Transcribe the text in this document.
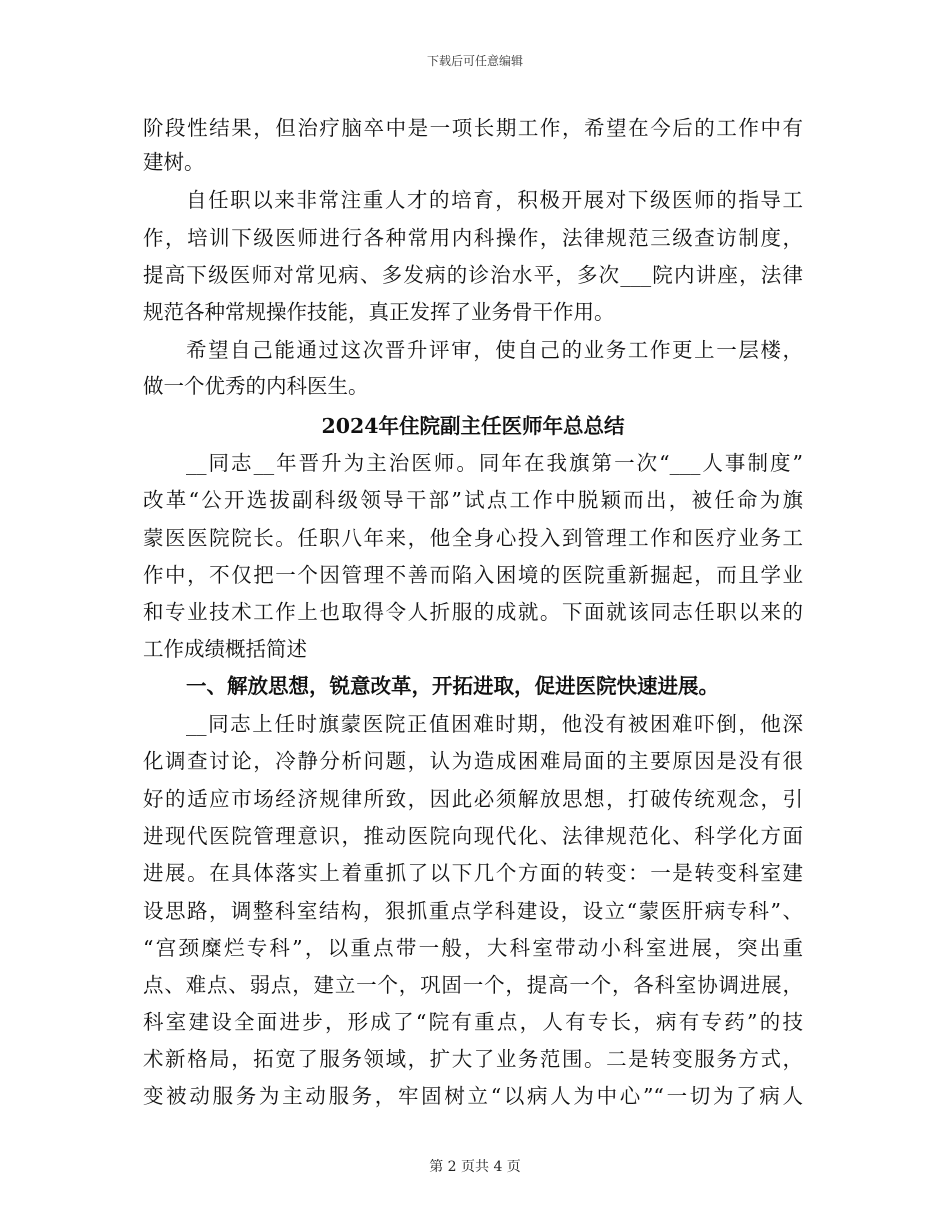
下载后可任意编辑
阶段性结果，但治疗脑卒中是一项长期工作，希望在今后的工作中有
建树。
自任职以来非常注重人才的培育，积极开展对下级医师的指导工
作，培训下级医师进行各种常用内科操作，法律规范三级查访制度，
提高下级医师对常见病、多发病的诊治水平，多次___院内讲座，法律
规范各种常规操作技能，真正发挥了业务骨干作用。
希望自己能通过这次晋升评审，使自己的业务工作更上一层楼，
做一个优秀的内科医生。
2024年住院副主任医师年总总结
__同志__年晋升为主治医师。同年在我旗第一次“___人事制度”
改革“公开选拔副科级领导干部”试点工作中脱颖而出，被任命为旗
蒙医医院院长。任职八年来，他全身心投入到管理工作和医疗业务工
作中，不仅把一个因管理不善而陷入困境的医院重新掘起，而且学业
和专业技术工作上也取得令人折服的成就。下面就该同志任职以来的
工作成绩概括简述
一、解放思想，锐意改革，开拓进取，促进医院快速进展。
__同志上任时旗蒙医院正值困难时期，他没有被困难吓倒，他深
化调查讨论，冷静分析问题，认为造成困难局面的主要原因是没有很
好的适应市场经济规律所致，因此必须解放思想，打破传统观念，引
进现代医院管理意识，推动医院向现代化、法律规范化、科学化方面
进展。在具体落实上着重抓了以下几个方面的转变：一是转变科室建
设思路，调整科室结构，狠抓重点学科建设，设立“蒙医肝病专科”、
“宫颈糜烂专科”，以重点带一般，大科室带动小科室进展，突出重
点、难点、弱点，建立一个，巩固一个，提高一个，各科室协调进展，
科室建设全面进步，形成了“院有重点，人有专长，病有专药”的技
术新格局，拓宽了服务领域，扩大了业务范围。二是转变服务方式，
变被动服务为主动服务，牢固树立“以病人为中心”“一切为了病人
第 2 页共 4 页
